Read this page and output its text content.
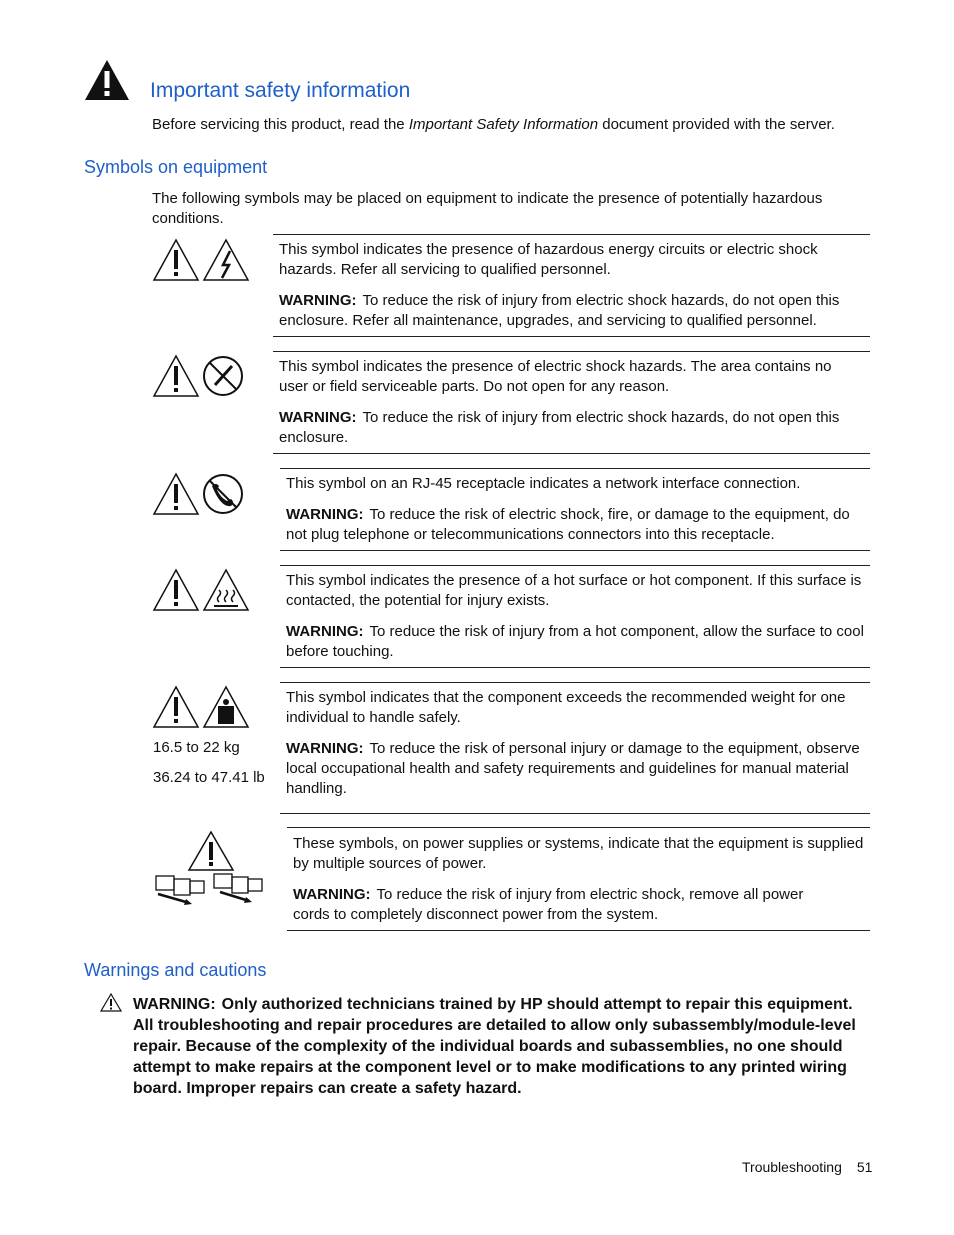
Important safety information
Before servicing this product, read the Important Safety Information document provided with the server.
Symbols on equipment
The following symbols may be placed on equipment to indicate the presence of potentially hazardous conditions.
This symbol indicates the presence of hazardous energy circuits or electric shock hazards. Refer all servicing to qualified personnel.
WARNING: To reduce the risk of injury from electric shock hazards, do not open this enclosure. Refer all maintenance, upgrades, and servicing to qualified personnel.
This symbol indicates the presence of electric shock hazards. The area contains no user or field serviceable parts. Do not open for any reason.
WARNING: To reduce the risk of injury from electric shock hazards, do not open this enclosure.
This symbol on an RJ-45 receptacle indicates a network interface connection.
WARNING: To reduce the risk of electric shock, fire, or damage to the equipment, do not plug telephone or telecommunications connectors into this receptacle.
This symbol indicates the presence of a hot surface or hot component. If this surface is contacted, the potential for injury exists.
WARNING: To reduce the risk of injury from a hot component, allow the surface to cool before touching.
16.5 to 22 kg
36.24 to 47.41 lb
This symbol indicates that the component exceeds the recommended weight for one individual to handle safely.
WARNING: To reduce the risk of personal injury or damage to the equipment, observe local occupational health and safety requirements and guidelines for manual material handling.
These symbols, on power supplies or systems, indicate that the equipment is supplied by multiple sources of power.
WARNING: To reduce the risk of injury from electric shock, remove all power cords to completely disconnect power from the system.
Warnings and cautions
WARNING: Only authorized technicians trained by HP should attempt to repair this equipment. All troubleshooting and repair procedures are detailed to allow only subassembly/module-level repair. Because of the complexity of the individual boards and subassemblies, no one should attempt to make repairs at the component level or to make modifications to any printed wiring board. Improper repairs can create a safety hazard.
Troubleshooting 51
